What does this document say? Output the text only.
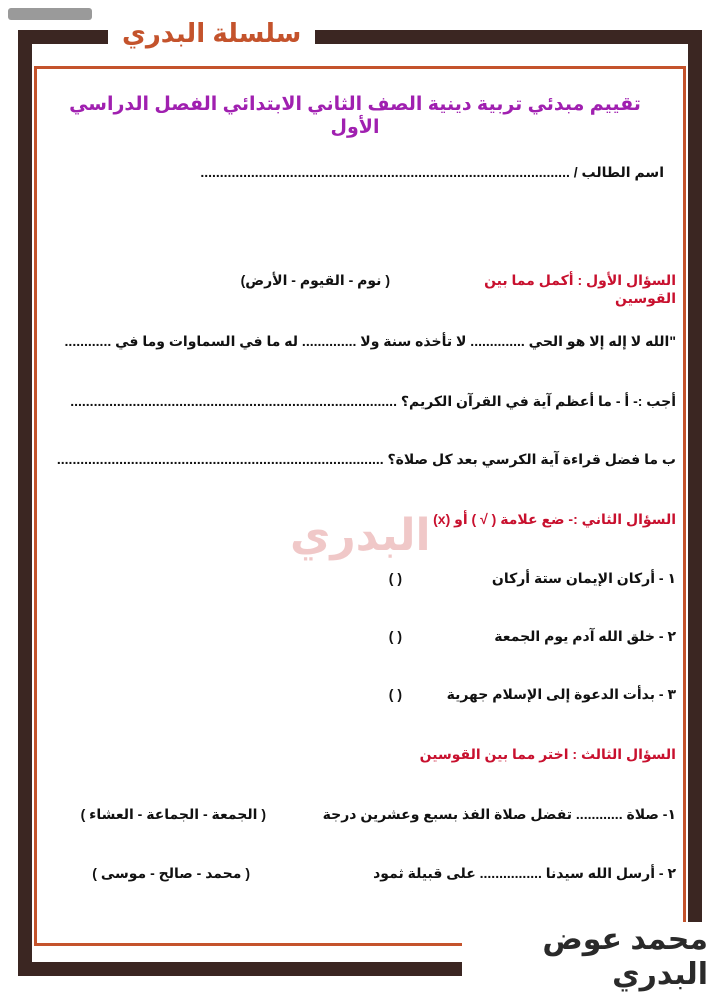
سلسلة البدري
البدري
تقييم مبدئي تربية دينية الصف الثاني الابتدائي الفصل الدراسي الأول
اسم الطالب / ...............................................................................................
السؤال الأول : أكمل مما بين القوسين
( نوم - القيوم - الأرض)
"الله لا إله إلا هو الحي .............. لا تأخذه سنة ولا .............. له ما في السماوات وما في ............
أجب :- أ - ما أعظم آية في القرآن الكريم؟ ....................................................................................
ب ما فضل قراءة آية الكرسي بعد كل صلاة؟ ....................................................................................
السؤال الثاني :- ضع علامة ( √ ) أو (x)
١ - أركان الإيمان ستة أركان
( )
٢ - خلق الله آدم يوم الجمعة
( )
٣ - بدأت الدعوة إلى الإسلام جهرية
( )
السؤال الثالث : اختر مما بين القوسين
١- صلاة ............ تفضل صلاة الفذ بسبع وعشرين درجة
( الجمعة - الجماعة - العشاء )
٢ - أرسل الله سيدنا ................ على قبيلة ثمود
( محمد - صالح - موسى )
محمد عوض البدري
